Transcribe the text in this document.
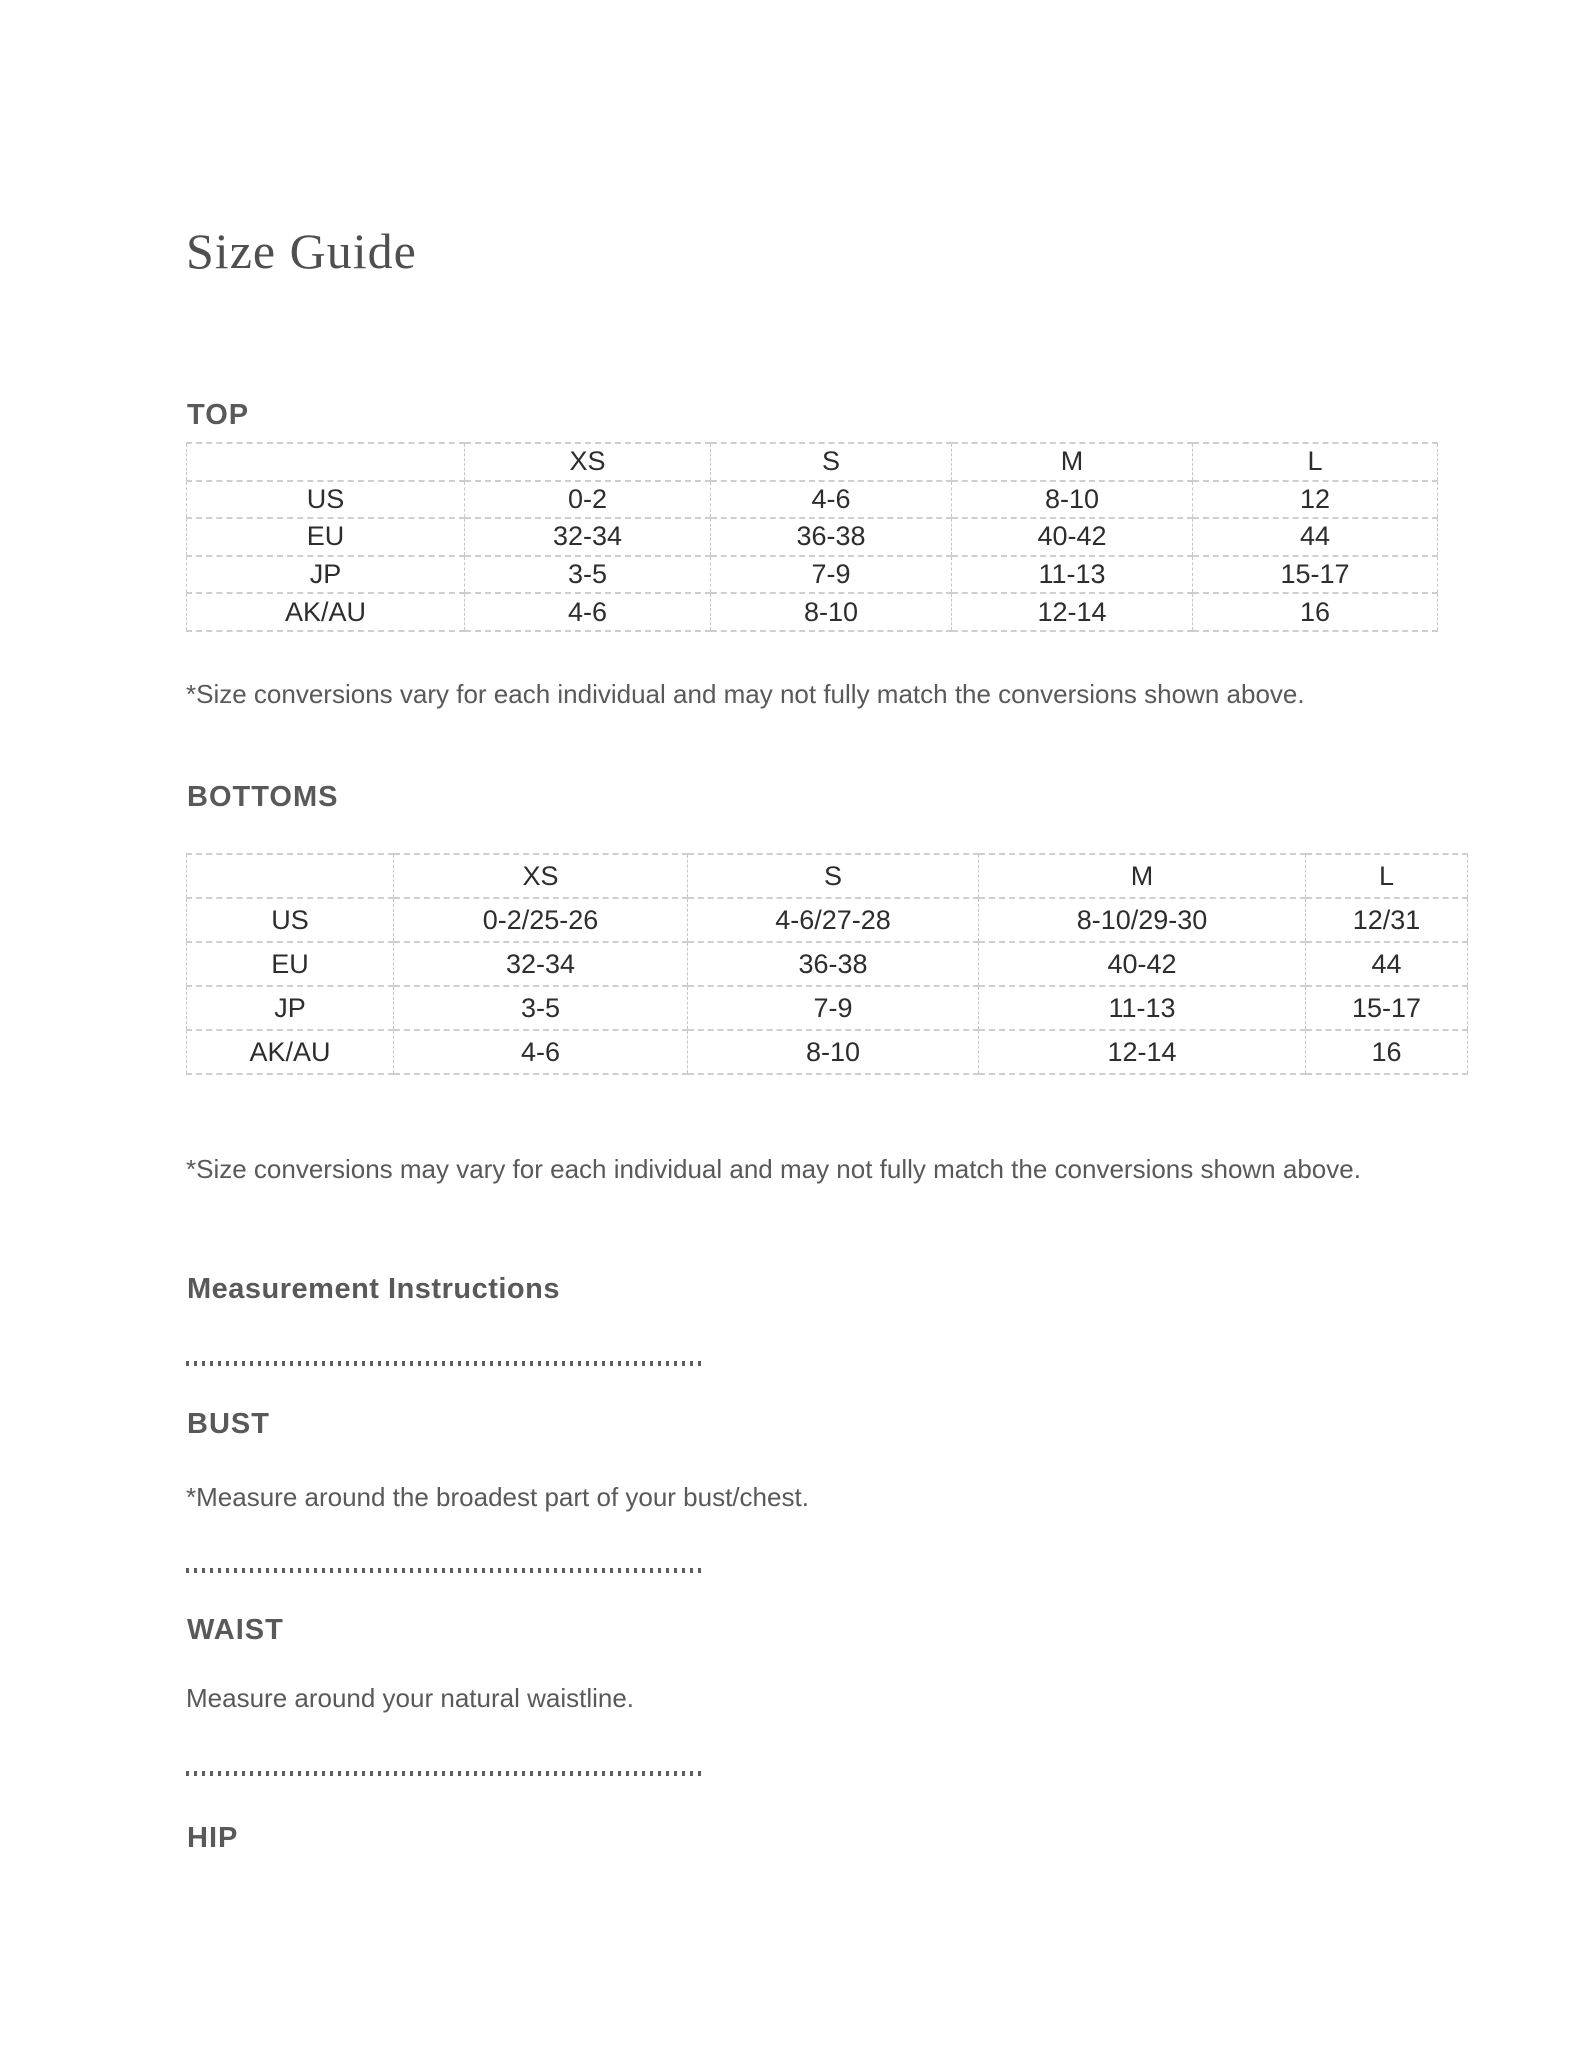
Size Guide
TOP
	XS	S	M	L
US	0-2	4-6	8-10	12
EU	32-34	36-38	40-42	44
JP	3-5	7-9	11-13	15-17
AK/AU	4-6	8-10	12-14	16
*Size conversions vary for each individual and may not fully match the conversions shown above.
BOTTOMS
	XS	S	M	L
US	0-2/25-26	4-6/27-28	8-10/29-30	12/31
EU	32-34	36-38	40-42	44
JP	3-5	7-9	11-13	15-17
AK/AU	4-6	8-10	12-14	16
*Size conversions may vary for each individual and may not fully match the conversions shown above.
Measurement Instructions
BUST
*Measure around the broadest part of your bust/chest.
WAIST
Measure around your natural waistline.
HIP
